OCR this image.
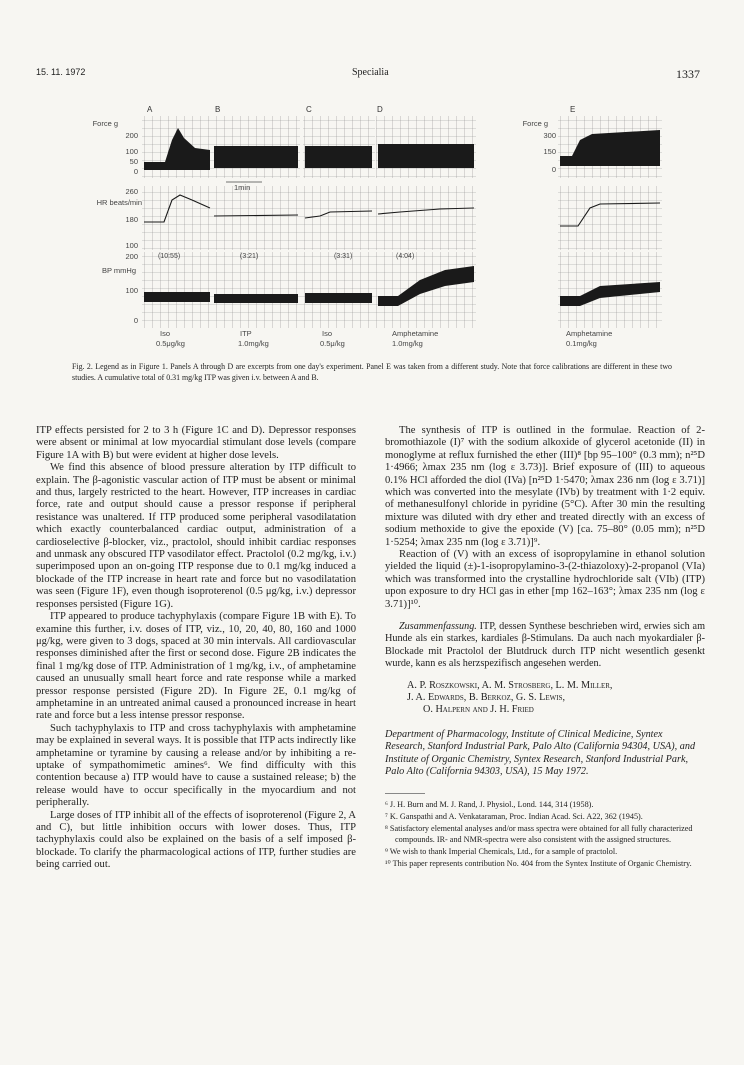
15. 11. 1972	Specialia	1337
A	B	C	D	E
Force g
200
100
50
0
260
HR beats/min
180
100
200
BP mmHg
100
0
Force g
300
150
0
1min
(10:55)	(3:21)	(3:31)	(4:04)
Iso
0.5μg/kg
ITP
1.0mg/kg
Iso
0.5μ/kg
Amphetamine
1.0mg/kg
Amphetamine
0.1mg/kg
Fig. 2. Legend as in Figure 1. Panels A through D are excerpts from one day's experiment. Panel E was taken from a different study. Note that force calibrations are different in these two studies. A cumulative total of 0.31 mg/kg ITP was given i.v. between A and B.

ITP effects persisted for 2 to 3 h (Figure 1C and D). Depressor responses were absent or minimal at low myocardial stimulant dose levels (compare Figure 1A with B) but were evident at higher dose levels.

We find this absence of blood pressure alteration by ITP difficult to explain. The β-agonistic vascular action of ITP must be absent or minimal and thus, largely restricted to the heart. However, ITP increases in cardiac force, rate and output should cause a pressor response if peripheral resistance was unaltered. If ITP produced some peripheral vasodilatation which exactly counterbalanced cardiac output, administration of a cardioselective β-blocker, viz., practolol, should inhibit cardiac responses and unmask any obscured ITP vasodilator effect. Practolol (0.2 mg/kg, i.v.) superimposed upon an on-going ITP response due to 0.1 mg/kg induced a blockade of the ITP increase in heart rate and force but no vasodilatation was seen (Figure 1F), even though isoproterenol (0.5 μg/kg, i.v.) depressor responses persisted (Figure 1G).

ITP appeared to produce tachyphylaxis (compare Figure 1B with E). To examine this further, i.v. doses of ITP, viz., 10, 20, 40, 80, 160 and 1000 μg/kg, were given to 3 dogs, spaced at 30 min intervals. All cardiovascular responses diminished after the first or second dose. Figure 2B indicates the final 1 mg/kg dose of ITP. Administration of 1 mg/kg, i.v., of amphetamine caused an unusually small heart force and rate response while a marked pressor response persisted (Figure 2D). In Figure 2E, 0.1 mg/kg of amphetamine in an untreated animal caused a pronounced increase in heart rate and force but a less intense pressor response.

Such tachyphylaxis to ITP and cross tachyphylaxis with amphetamine may be explained in several ways. It is possible that ITP acts indirectly like amphetamine or tyramine by causing a release and/or by inhibiting a re-uptake of sympathomimetic amines⁶. We find difficulty with this contention because a) ITP would have to cause a sustained release; b) the release would have to occur specifically in the myocardium and not peripherally.

Large doses of ITP inhibit all of the effects of isoproterenol (Figure 2, A and C), but little inhibition occurs with lower doses. Thus, ITP tachyphylaxis could also be explained on the basis of a self imposed β-blockade. To clarify the pharmacological actions of ITP, further studies are being carried out.

The synthesis of ITP is outlined in the formulae. Reaction of 2-bromothiazole (I)⁷ with the sodium alkoxide of glycerol acetonide (II) in monoglyme at reflux furnished the ether (III)⁸ [bp 95–100° (0.3 mm); n²⁵D 1·4966; λmax 235 nm (log ε 3.73)]. Brief exposure of (III) to aqueous 0.1% HCl afforded the diol (IVa) [n²⁵D 1·5470; λmax 236 nm (log ε 3.71)] which was converted into the mesylate (IVb) by treatment with 1·2 equiv. of methanesulfonyl chloride in pyridine (5°C). After 30 min the resulting mixture was diluted with dry ether and treated directly with an excess of sodium methoxide to give the epoxide (V) [ca. 75–80° (0.05 mm); n²⁵D 1·5254; λmax 235 nm (log ε 3.71)]⁹.

Reaction of (V) with an excess of isopropylamine in ethanol solution yielded the liquid (±)-1-isopropylamino-3-(2-thiazoloxy)-2-propanol (VIa) which was transformed into the crystalline hydrochloride salt (VIb) (ITP) upon exposure to dry HCl gas in ether [mp 162–163°; λmax 235 nm (log ε 3.71)]¹⁰.

Zusammenfassung. ITP, dessen Synthese beschrieben wird, erwies sich am Hunde als ein starkes, kardiales β-Stimulans. Da auch nach myokardialer β-Blockade mit Practolol der Blutdruck durch ITP nicht wesentlich gesenkt wurde, kann es als herzspezifisch angesehen werden.

A. P. Roszkowski, A. M. Strosberg, L. M. Miller,
J. A. Edwards, B. Berkoz, G. S. Lewis,
O. Halpern and J. H. Fried
Department of Pharmacology, Institute of Clinical Medicine, Syntex Research, Stanford Industrial Park, Palo Alto (California 94304, USA), and Institute of Organic Chemistry, Syntex Research, Stanford Industrial Park, Palo Alto (California 94303, USA), 15 May 1972.
⁶ J. H. Burn and M. J. Rand, J. Physiol., Lond. 144, 314 (1958).
⁷ K. Ganspathi and A. Venkataraman, Proc. Indian Acad. Sci. A22, 362 (1945).
⁸ Satisfactory elemental analyses and/or mass spectra were obtained for all fully characterized compounds. IR- and NMR-spectra were also consistent with the assigned structures.
⁹ We wish to thank Imperial Chemicals, Ltd., for a sample of practolol.
¹⁰ This paper represents contribution No. 404 from the Syntex Institute of Organic Chemistry.
